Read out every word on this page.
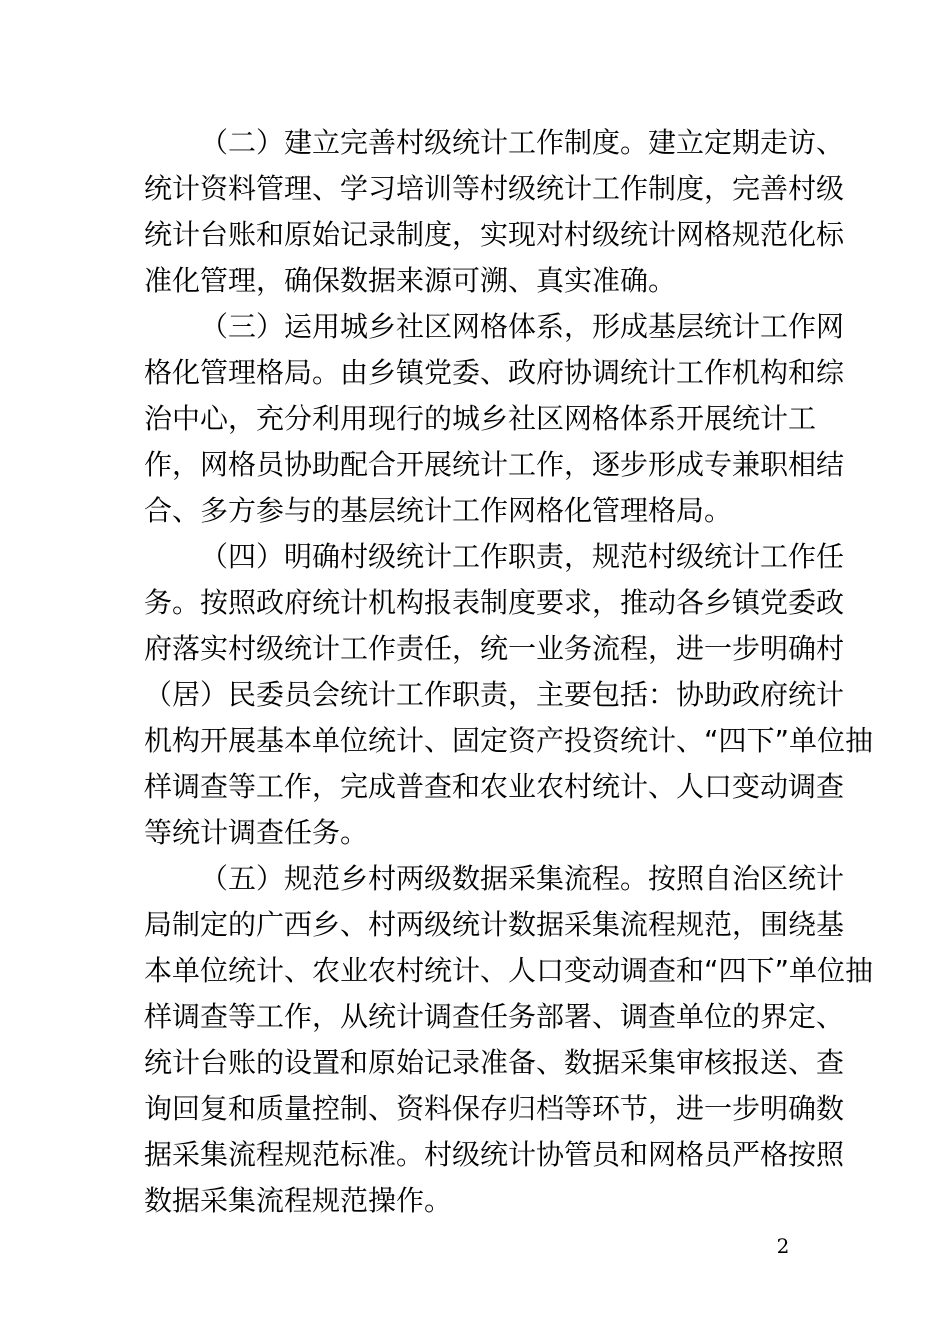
（二）建立完善村级统计工作制度。建立定期走访、
统计资料管理、学习培训等村级统计工作制度，完善村级
统计台账和原始记录制度，实现对村级统计网格规范化标
准化管理，确保数据来源可溯、真实准确。
（三）运用城乡社区网格体系，形成基层统计工作网
格化管理格局。由乡镇党委、政府协调统计工作机构和综
治中心，充分利用现行的城乡社区网格体系开展统计工
作，网格员协助配合开展统计工作，逐步形成专兼职相结
合、多方参与的基层统计工作网格化管理格局。
（四）明确村级统计工作职责，规范村级统计工作任
务。按照政府统计机构报表制度要求，推动各乡镇党委政
府落实村级统计工作责任，统一业务流程，进一步明确村
（居）民委员会统计工作职责，主要包括：协助政府统计
机构开展基本单位统计、固定资产投资统计、“四下”单位抽
样调查等工作，完成普查和农业农村统计、人口变动调查
等统计调查任务。
（五）规范乡村两级数据采集流程。按照自治区统计
局制定的广西乡、村两级统计数据采集流程规范，围绕基
本单位统计、农业农村统计、人口变动调查和“四下”单位抽
样调查等工作，从统计调查任务部署、调查单位的界定、
统计台账的设置和原始记录准备、数据采集审核报送、查
询回复和质量控制、资料保存归档等环节，进一步明确数
据采集流程规范标准。村级统计协管员和网格员严格按照
数据采集流程规范操作。
2
